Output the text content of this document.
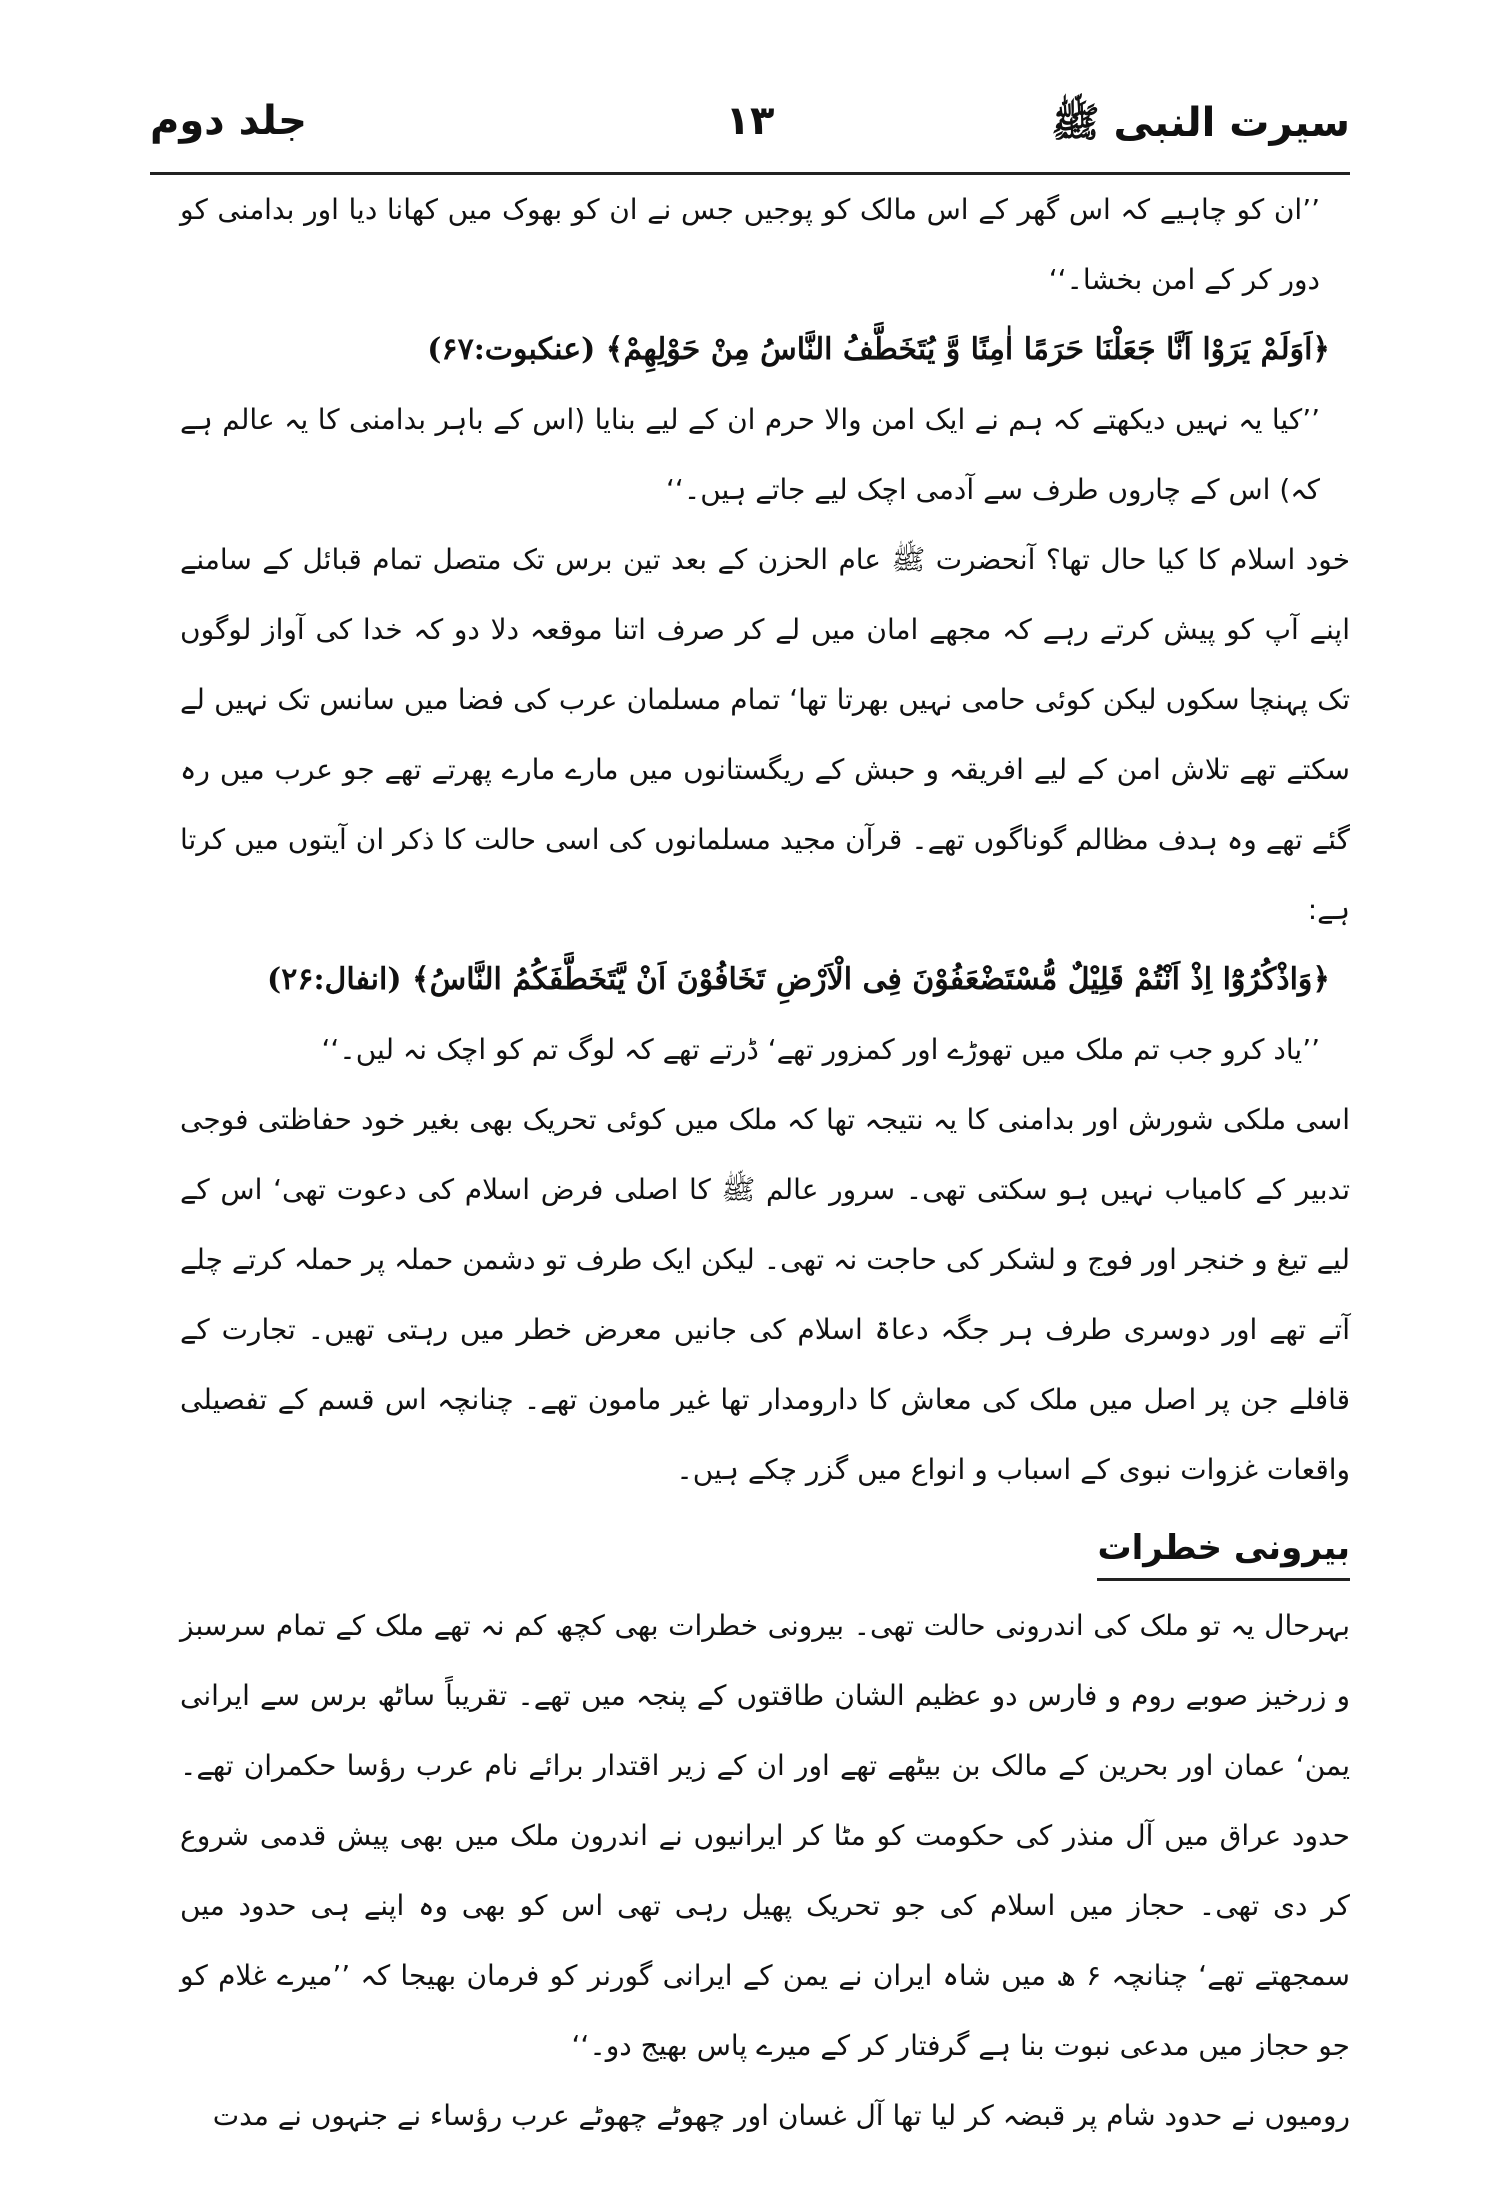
سیرت النبی ﷺ
۱۳
جلد دوم

’’ان کو چاہیے کہ اس گھر کے اس مالک کو پوجیں جس نے ان کو بھوک میں کھانا دیا اور بدامنی کو دور کر کے امن بخشا۔‘‘

﴿اَوَلَمْ يَرَوْا اَنَّا جَعَلْنَا حَرَمًا اٰمِنًا وَّ يُتَخَطَّفُ النَّاسُ مِنْ حَوْلِهِمْ﴾ (عنکبوت:۶۷)

’’کیا یہ نہیں دیکھتے کہ ہم نے ایک امن والا حرم ان کے لیے بنایا (اس کے باہر بدامنی کا یہ عالم ہے کہ) اس کے چاروں طرف سے آدمی اچک لیے جاتے ہیں۔‘‘

خود اسلام کا کیا حال تھا؟ آنحضرت ﷺ عام الحزن کے بعد تین برس تک متصل تمام قبائل کے سامنے اپنے آپ کو پیش کرتے رہے کہ مجھے امان میں لے کر صرف اتنا موقعہ دلا دو کہ خدا کی آواز لوگوں تک پہنچا سکوں لیکن کوئی حامی نہیں بھرتا تھا‘ تمام مسلمان عرب کی فضا میں سانس تک نہیں لے سکتے تھے تلاش امن کے لیے افریقہ و حبش کے ریگستانوں میں مارے مارے پھرتے تھے جو عرب میں رہ گئے تھے وہ ہدف مظالم گوناگوں تھے۔ قرآن مجید مسلمانوں کی اسی حالت کا ذکر ان آیتوں میں کرتا ہے:

﴿وَاذْكُرُوْٓا اِذْ اَنْتُمْ قَلِيْلٌ مُّسْتَضْعَفُوْنَ فِى الْاَرْضِ تَخَافُوْنَ اَنْ يَّتَخَطَّفَكُمُ النَّاسُ﴾ (انفال:۲۶)

’’یاد کرو جب تم ملک میں تھوڑے اور کمزور تھے‘ ڈرتے تھے کہ لوگ تم کو اچک نہ لیں۔‘‘

اسی ملکی شورش اور بدامنی کا یہ نتیجہ تھا کہ ملک میں کوئی تحریک بھی بغیر خود حفاظتی فوجی تدبیر کے کامیاب نہیں ہو سکتی تھی۔ سرور عالم ﷺ کا اصلی فرض اسلام کی دعوت تھی‘ اس کے لیے تیغ و خنجر اور فوج و لشکر کی حاجت نہ تھی۔ لیکن ایک طرف تو دشمن حملہ پر حملہ کرتے چلے آتے تھے اور دوسری طرف ہر جگہ دعاۃ اسلام کی جانیں معرض خطر میں رہتی تھیں۔ تجارت کے قافلے جن پر اصل میں ملک کی معاش کا دارومدار تھا غیر مامون تھے۔ چنانچہ اس قسم کے تفصیلی واقعات غزوات نبوی کے اسباب و انواع میں گزر چکے ہیں۔

بیرونی خطرات

بہرحال یہ تو ملک کی اندرونی حالت تھی۔ بیرونی خطرات بھی کچھ کم نہ تھے ملک کے تمام سرسبز و زرخیز صوبے روم و فارس دو عظیم الشان طاقتوں کے پنجہ میں تھے۔ تقریباً ساٹھ برس سے ایرانی یمن‘ عمان اور بحرین کے مالک بن بیٹھے تھے اور ان کے زیر اقتدار برائے نام عرب رؤسا حکمران تھے۔ حدود عراق میں آل منذر کی حکومت کو مٹا کر ایرانیوں نے اندرون ملک میں بھی پیش قدمی شروع کر دی تھی۔ حجاز میں اسلام کی جو تحریک پھیل رہی تھی اس کو بھی وہ اپنے ہی حدود میں سمجھتے تھے‘ چنانچہ ۶ ھ میں شاہ ایران نے یمن کے ایرانی گورنر کو فرمان بھیجا کہ ’’میرے غلام کو جو حجاز میں مدعی نبوت بنا ہے گرفتار کر کے میرے پاس بھیج دو۔‘‘

رومیوں نے حدود شام پر قبضہ کر لیا تھا آل غسان اور چھوٹے چھوٹے عرب رؤساء نے جنہوں نے مدت
